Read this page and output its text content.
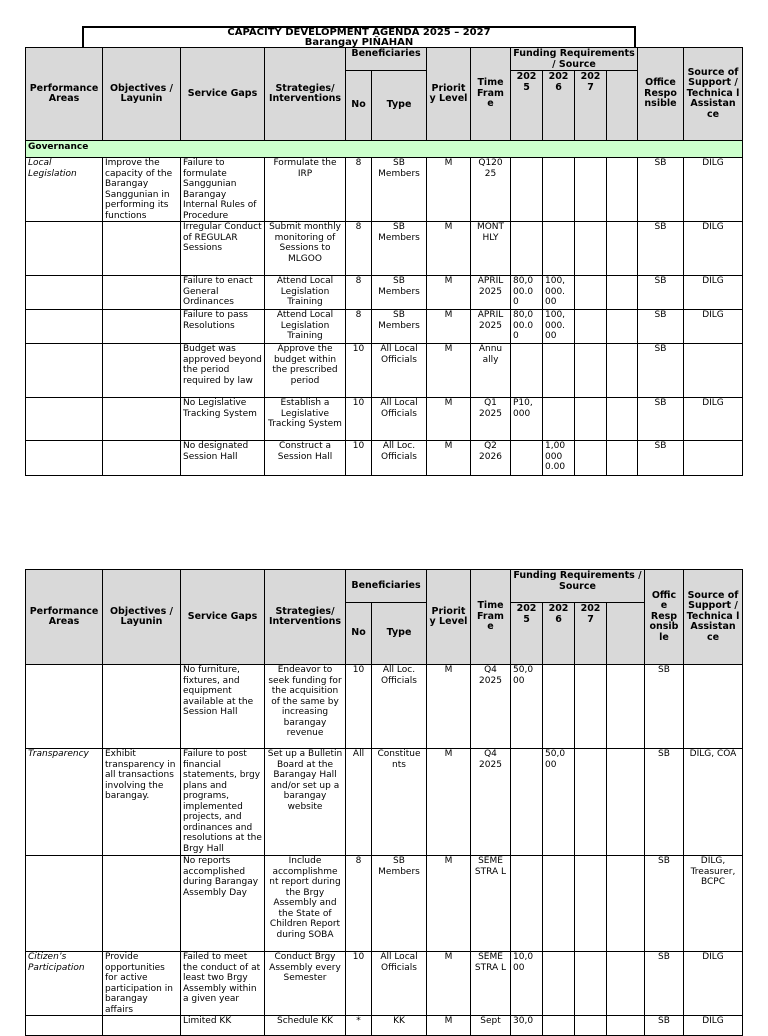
CAPACITY DEVELOPMENT AGENDA 2025 – 2027
Barangay PIÑAHAN
Performance Areas	Objectives / Layunin	Service Gaps	Strategies/ Interventions	Beneficiaries		Priorit y Level	Time Fram e	Funding Requirements / Source				Office Respo nsible	Source of Support / Technica l Assistan ce
				No	Type			202 5	202 6	202 7			

Governance													
Local Legislation	Improve the capacity of the Barangay Sanggunian in performing its functions	Failure to formulate Sanggunian Barangay Internal Rules of Procedure	Formulate the IRP	8	SB Members	M	Q120 25					SB	DILG
		Irregular Conduct of REGULAR Sessions	Submit monthly monitoring of Sessions to MLGOO	8	SB Members	M	MONT HLY					SB	DILG
		Failure to enact General Ordinances	Attend Local Legislation Training	8	SB Members	M	APRIL 2025	80,0 00.0 0	100, 000. 00			SB	DILG
		Failure to pass Resolutions	Attend Local Legislation Training	8	SB Members	M	APRIL 2025	80,0 00.0 0	100, 000. 00			SB	DILG
		Budget was approved beyond the period required by law	Approve the budget within the prescribed period	10	All Local Officials	M	Annu ally					SB	
		No Legislative Tracking System	Establish a Legislative Tracking System	10	All Local Officials	M	Q1 2025	P10, 000				SB	DILG
		No designated Session Hall	Construct a Session Hall	10	All Loc. Officials	M	Q2 2026		1,00 000 0.00			SB	
Performance Areas	Objectives / Layunin	Service Gaps	Strategies/ Interventions	Beneficiaries		Priorit y Level	Time Fram e	Funding Requirements / Source				Offic e Resp onsib le	Source of Support / Technica l Assistan ce
				No	Type			202 5	202 6	202 7			
		No furniture, fixtures, and equipment available at the Session Hall	Endeavor to seek funding for the acquisition of the same by increasing barangay revenue	10	All Loc. Officials	M	Q4 2025	50,0 00				SB	
Transparency	Exhibit transparency in all transactions involving the barangay.	Failure to post financial statements, brgy plans and programs, implemented projects, and ordinances and resolutions at the Brgy Hall	Set up a Bulletin Board at the Barangay Hall and/or set up a barangay website	All	Constitue nts	M	Q4 2025		50,0 00			SB	DILG, COA
		No reports accomplished during Barangay Assembly Day	Include accomplishme nt report during the Brgy Assembly and the State of Children Report during SOBA	8	SB Members	M	SEME STRA L					SB	DILG, Treasurer, BCPC
Citizen’s Participation	Provide opportunities for active participation in barangay affairs	Failed to meet the conduct of at least two Brgy Assembly within a given year	Conduct Brgy Assembly every Semester	10	All Local Officials	M	SEME STRA L	10,0 00				SB	DILG
		Limited KK	Schedule KK	*	KK	M	Sept	30,0				SB	DILG
